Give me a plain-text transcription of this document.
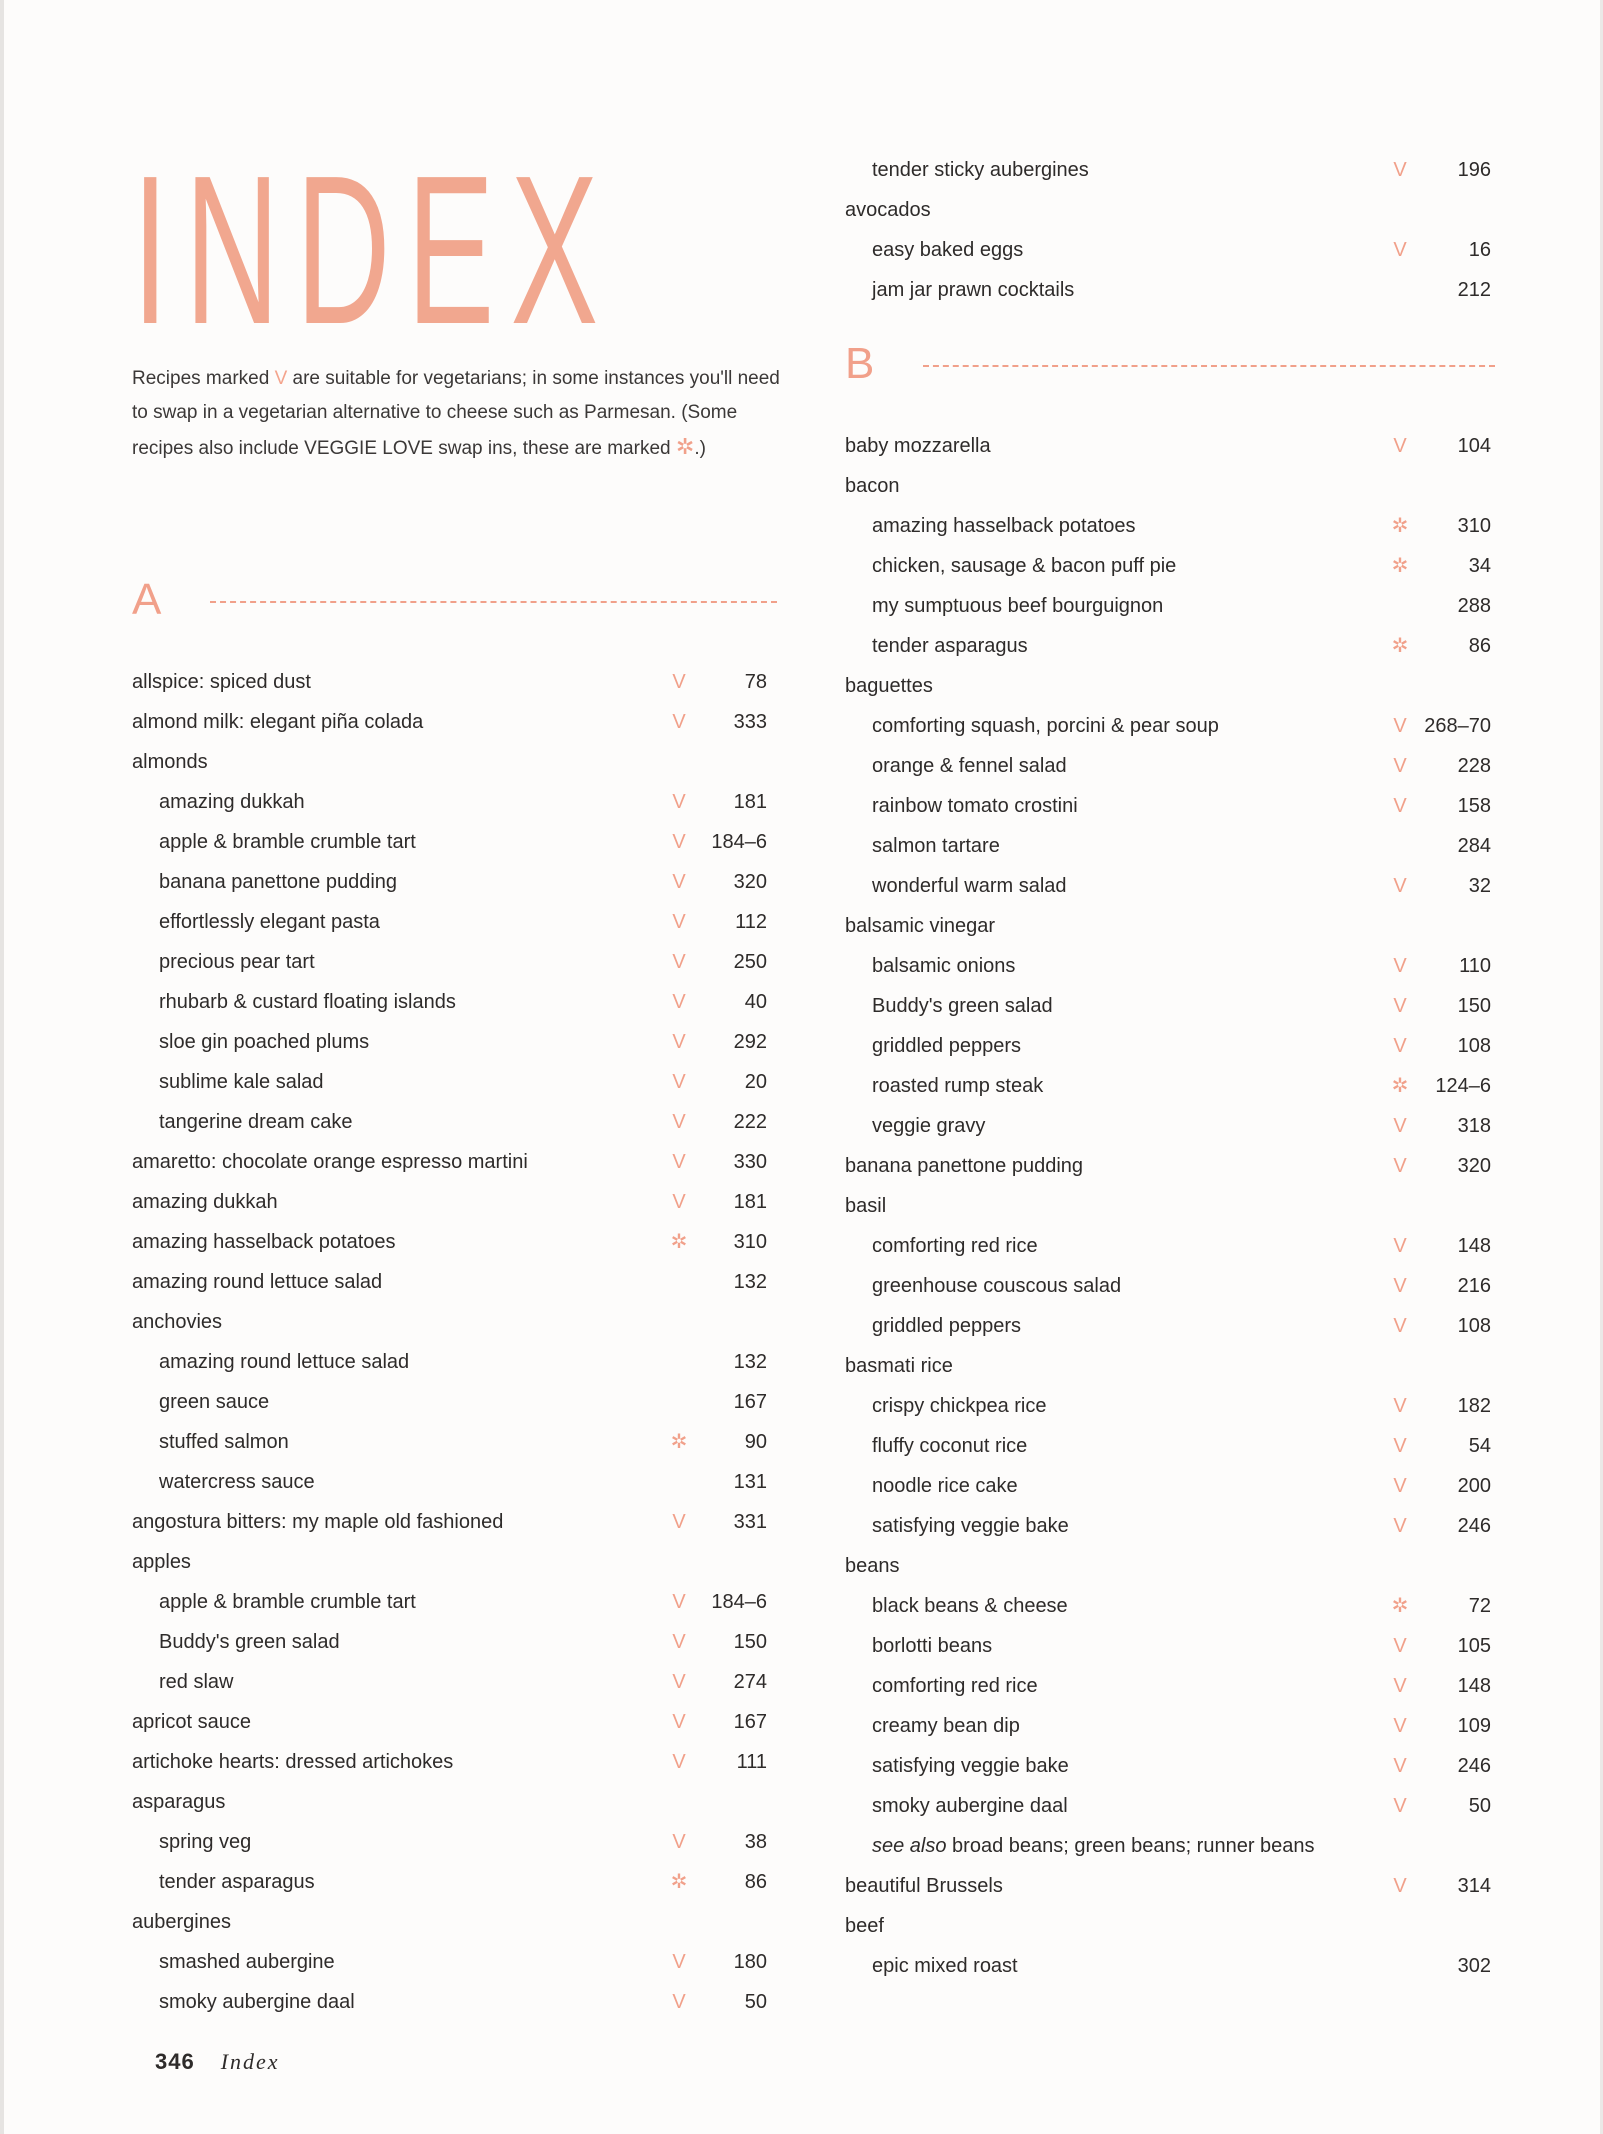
INDEX

Recipes marked V are suitable for vegetarians; in some instances you'll need to swap in a vegetarian alternative to cheese such as Parmesan. (Some recipes also include VEGGIE LOVE swap ins, these are marked ✲.)

A
allspice: spiced dust	V	78
almond milk: elegant piña colada	V 333
almonds
amazing dukkah	V 181
apple & bramble crumble tart	V 184–6
banana panettone pudding	V 320
effortlessly elegant pasta	V 112
precious pear tart	V 250
rhubarb & custard floating islands	V	40
sloe gin poached plums	V 292
sublime kale salad	V	20
tangerine dream cake	V 222
amaretto: chocolate orange espresso martini	V 330
amazing dukkah	V 181
amazing hasselback potatoes	✲ 310
amazing round lettuce salad	132
anchovies
amazing round lettuce salad	132
green sauce	167
stuffed salmon	✲	90
watercress sauce	131
angostura bitters: my maple old fashioned	V 331
apples
apple & bramble crumble tart	V 184–6
Buddy's green salad	V 150
red slaw	V 274
apricot sauce	V 167
artichoke hearts: dressed artichokes	V	111
asparagus
spring veg	V	38
tender asparagus	✲	86
aubergines
smashed aubergine	V 180
smoky aubergine daal	V	50
tender sticky aubergines	V	196
avocados
easy baked eggs	V	16
jam jar prawn cocktails	212
B
baby mozzarella	V	104
bacon
amazing hasselback potatoes	✲ 310
chicken, sausage & bacon puff pie	✲	34
my sumptuous beef bourguignon	288
tender asparagus	✲	86
baguettes
comforting squash, porcini & pear soup	V 268–70
orange & fennel salad	V	228
rainbow tomato crostini	V	158
salmon tartare	284
wonderful warm salad	V	32
balsamic vinegar
balsamic onions	V	110
Buddy's green salad	V	150
griddled peppers	V	108
roasted rump steak	✲ 124–6
veggie gravy	V	318
banana panettone pudding	V	320
basil
comforting red rice	V	148
greenhouse couscous salad	V	216
griddled peppers	V	108
basmati rice
crispy chickpea rice	V	182
fluffy coconut rice	V	54
noodle rice cake	V	200
satisfying veggie bake	V	246
beans
black beans & cheese	✲	72
borlotti beans	V	105
comforting red rice	V	148
creamy bean dip	V	109
satisfying veggie bake	V	246
smoky aubergine daal	V	50
see also broad beans; green beans; runner beans
beautiful Brussels	V	314
beef
epic mixed roast	302
346 Index
